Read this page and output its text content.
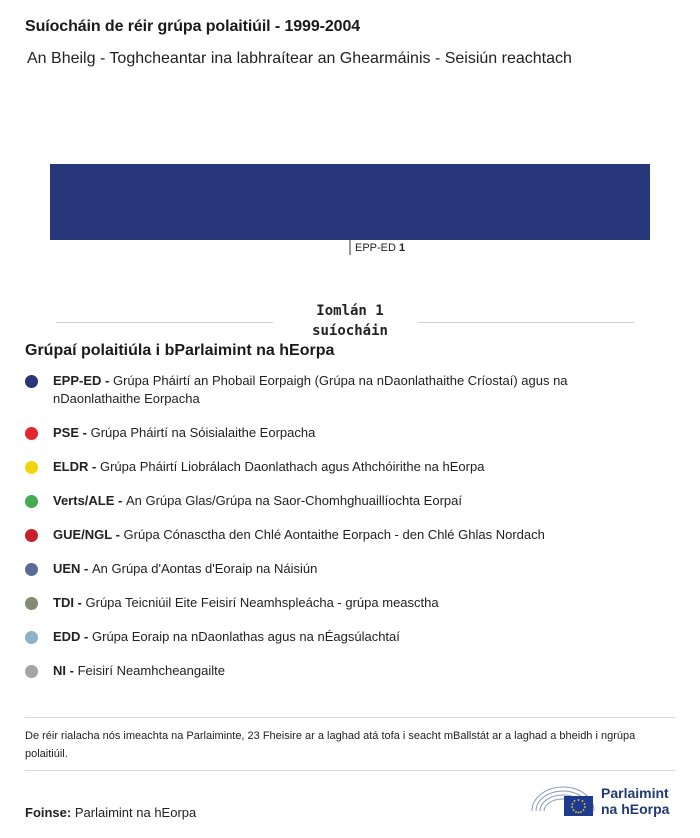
Suíocháin de réir grúpa polaitiúil - 1999-2004
An Bheilg - Toghcheantar ina labhraítear an Ghearmáinis - Seisiún reachtach
EPP-ED 1
Iomlán 1
suíocháin
Grúpaí polaitiúla i bParlaimint na hEorpa
EPP-ED - Grúpa Pháirtí an Phobail Eorpaigh (Grúpa na nDaonlathaithe Críostaí) agus na nDaonlathaithe Eorpacha
PSE - Grúpa Pháirtí na Sóisialaithe Eorpacha
ELDR - Grúpa Pháirtí Liobrálach Daonlathach agus Athchóirithe na hEorpa
Verts/ALE - An Grúpa Glas/Grúpa na Saor-Chomhghuaillíochta Eorpaí
GUE/NGL - Grúpa Cónasctha den Chlé Aontaithe Eorpach - den Chlé Ghlas Nordach
UEN - An Grúpa d'Aontas d'Eoraip na Náisiún
TDI - Grúpa Teicniúil Eite Feisirí Neamhspleácha - grúpa measctha
EDD - Grúpa Eoraip na nDaonlathas agus na nÉagsúlachtaí
NI - Feisirí Neamhcheangailte
De réir rialacha nós imeachta na Parlaiminte, 23 Fheisire ar a laghad atá tofa i seacht mBallstát ar a laghad a bheidh i ngrúpa polaitiúil.
Foinse: Parlaimint na hEorpa
Parlaimint
na hEorpa
